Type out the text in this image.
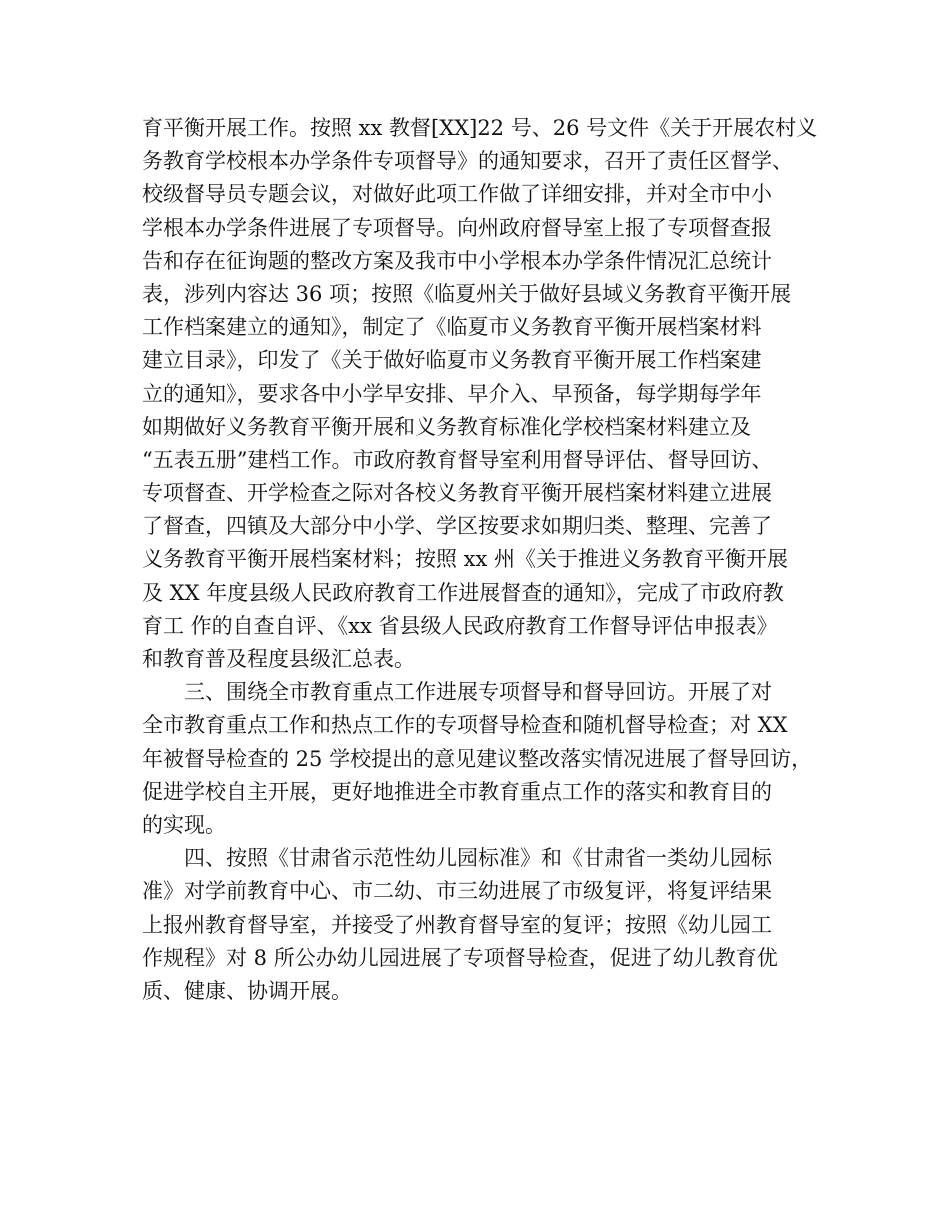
育平衡开展工作。按照 xx 教督[XX]22 号、26 号文件《关于开展农村义
务教育学校根本办学条件专项督导》的通知要求，召开了责任区督学、
校级督导员专题会议，对做好此项工作做了详细安排，并对全市中小
学根本办学条件进展了专项督导。向州政府督导室上报了专项督查报
告和存在征询题的整改方案及我市中小学根本办学条件情况汇总统计
表，涉列内容达 36 项；按照《临夏州关于做好县域义务教育平衡开展
工作档案建立的通知》，制定了《临夏市义务教育平衡开展档案材料
建立目录》，印发了《关于做好临夏市义务教育平衡开展工作档案建
立的通知》，要求各中小学早安排、早介入、早预备，每学期每学年
如期做好义务教育平衡开展和义务教育标准化学校档案材料建立及
“五表五册”建档工作。市政府教育督导室利用督导评估、督导回访、
专项督查、开学检查之际对各校义务教育平衡开展档案材料建立进展
了督查，四镇及大部分中小学、学区按要求如期归类、整理、完善了
义务教育平衡开展档案材料；按照 xx 州《关于推进义务教育平衡开展
及 XX 年度县级人民政府教育工作进展督查的通知》，完成了市政府教
育工 作的自查自评、《xx 省县级人民政府教育工作督导评估申报表》
和教育普及程度县级汇总表。
　　三、围绕全市教育重点工作进展专项督导和督导回访。开展了对
全市教育重点工作和热点工作的专项督导检查和随机督导检查；对 XX
年被督导检查的 25 学校提出的意见建议整改落实情况进展了督导回访，
促进学校自主开展，更好地推进全市教育重点工作的落实和教育目的
的实现。
　　四、按照《甘肃省示范性幼儿园标准》和《甘肃省一类幼儿园标
准》对学前教育中心、市二幼、市三幼进展了市级复评，将复评结果
上报州教育督导室，并接受了州教育督导室的复评；按照《幼儿园工
作规程》对 8 所公办幼儿园进展了专项督导检查，促进了幼儿教育优
质、健康、协调开展。
